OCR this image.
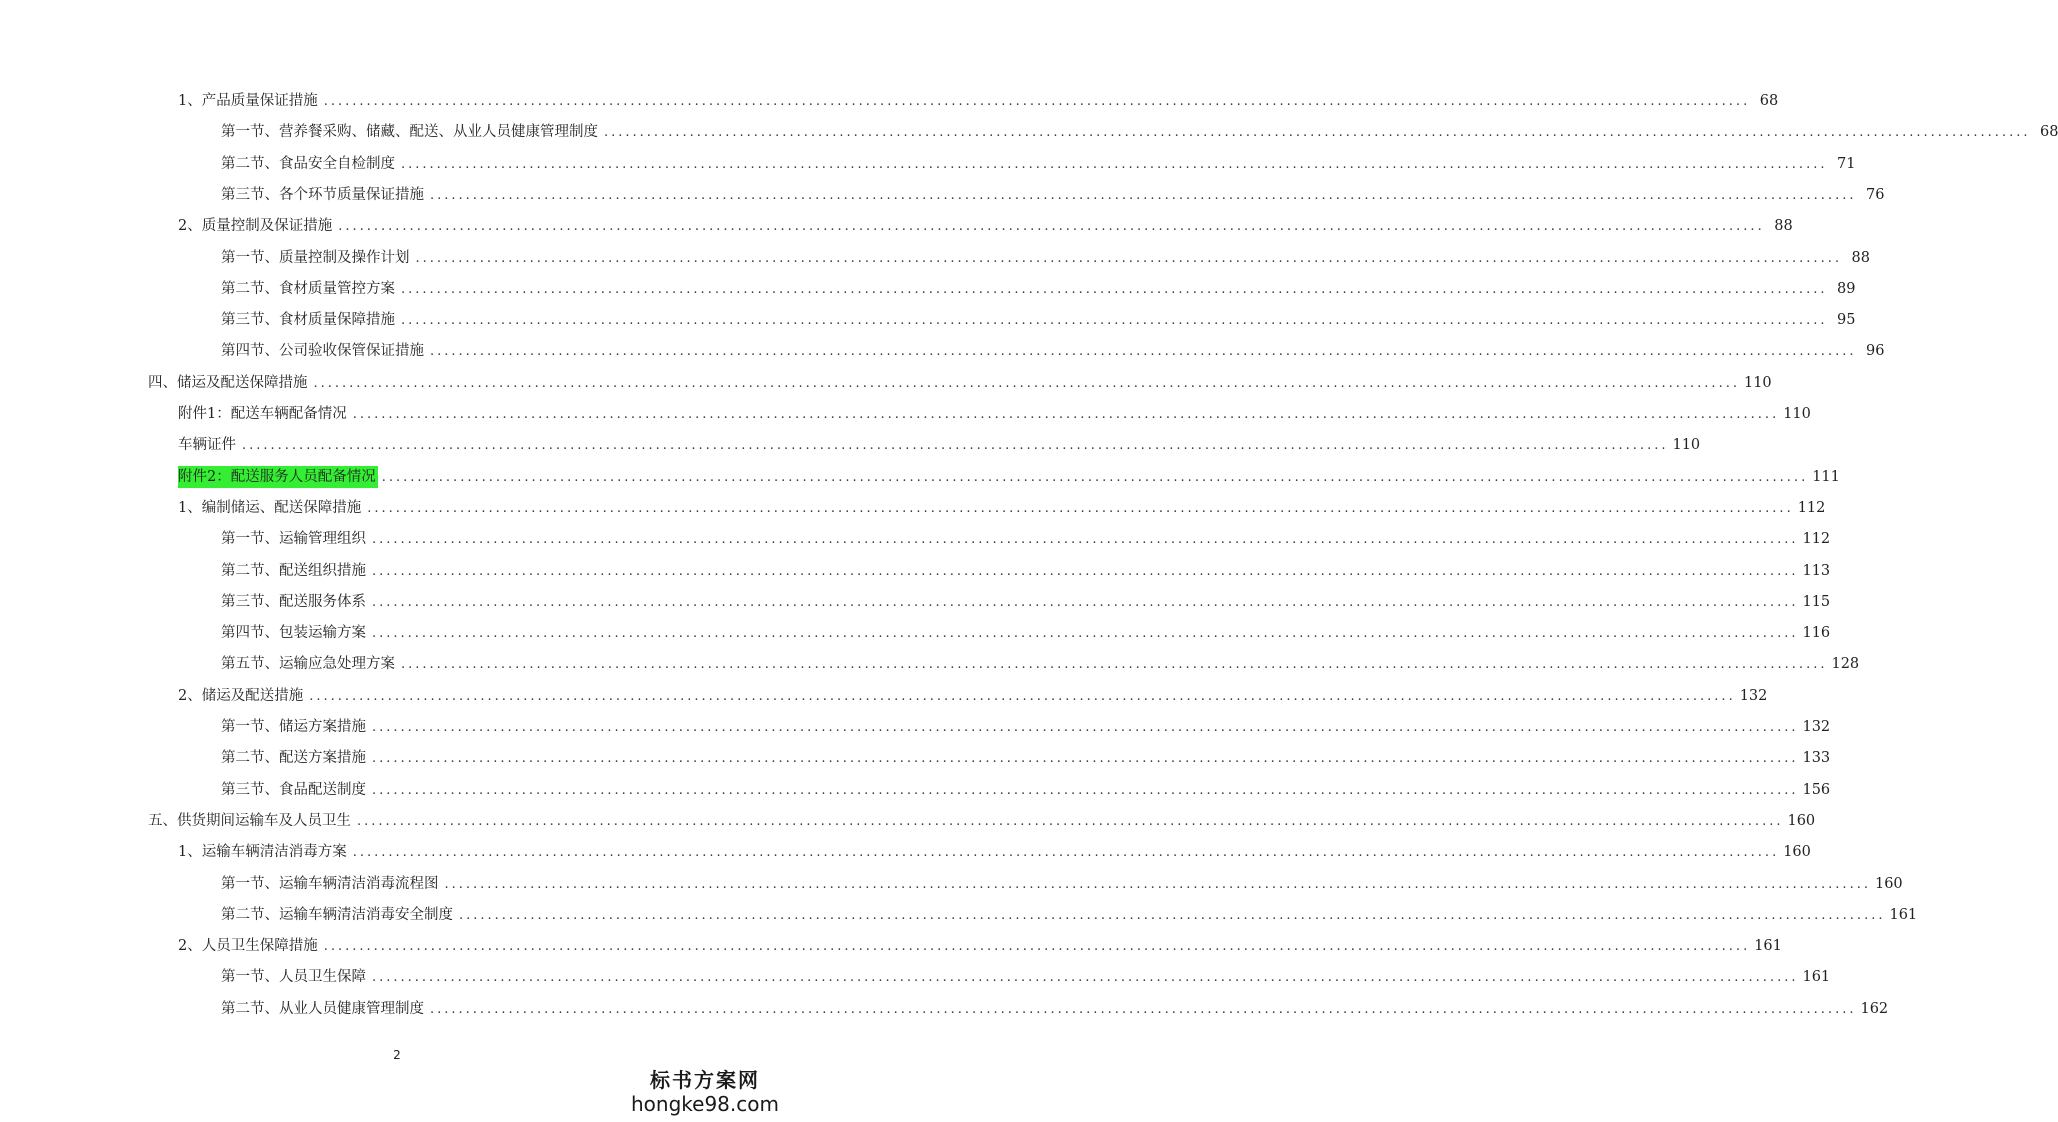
1、产品质量保证措施 ........................................................................................................................................................................................................ 68
第一节、营养餐采购、储藏、配送、从业人员健康管理制度 ........................................................................................................................................................................................................ 68
第二节、食品安全自检制度 ........................................................................................................................................................................................................ 71
第三节、各个环节质量保证措施 ........................................................................................................................................................................................................ 76
2、质量控制及保证措施 ........................................................................................................................................................................................................ 88
第一节、质量控制及操作计划 ........................................................................................................................................................................................................ 88
第二节、食材质量管控方案 ........................................................................................................................................................................................................ 89
第三节、食材质量保障措施 ........................................................................................................................................................................................................ 95
第四节、公司验收保管保证措施 ........................................................................................................................................................................................................ 96
四、储运及配送保障措施 ........................................................................................................................................................................................................ 110
附件1：配送车辆配备情况 ........................................................................................................................................................................................................ 110
车辆证件 ........................................................................................................................................................................................................ 110
附件2：配送服务人员配备情况 ........................................................................................................................................................................................................ 111
1、编制储运、配送保障措施 ........................................................................................................................................................................................................ 112
第一节、运输管理组织 ........................................................................................................................................................................................................ 112
第二节、配送组织措施 ........................................................................................................................................................................................................ 113
第三节、配送服务体系 ........................................................................................................................................................................................................ 115
第四节、包装运输方案 ........................................................................................................................................................................................................ 116
第五节、运输应急处理方案 ........................................................................................................................................................................................................ 128
2、储运及配送措施 ........................................................................................................................................................................................................ 132
第一节、储运方案措施 ........................................................................................................................................................................................................ 132
第二节、配送方案措施 ........................................................................................................................................................................................................ 133
第三节、食品配送制度 ........................................................................................................................................................................................................ 156
五、供货期间运输车及人员卫生 ........................................................................................................................................................................................................ 160
1、运输车辆清洁消毒方案 ........................................................................................................................................................................................................ 160
第一节、运输车辆清洁消毒流程图 ........................................................................................................................................................................................................ 160
第二节、运输车辆清洁消毒安全制度 ........................................................................................................................................................................................................ 161
2、人员卫生保障措施 ........................................................................................................................................................................................................ 161
第一节、人员卫生保障 ........................................................................................................................................................................................................ 161
第二节、从业人员健康管理制度 ........................................................................................................................................................................................................ 162
2
标书方案网
hongke98.com
